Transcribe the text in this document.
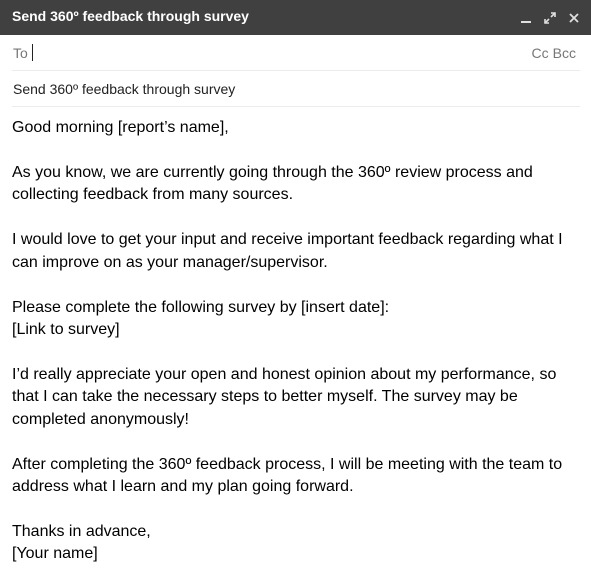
Send 360º feedback through survey
To	Cc Bcc
Send 360º feedback through survey

Good morning [report’s name],

As you know, we are currently going through the 360º review process and
collecting feedback from many sources.

I would love to get your input and receive important feedback regarding what I
can improve on as your manager/supervisor.

Please complete the following survey by [insert date]:
[Link to survey]

I’d really appreciate your open and honest opinion about my performance, so
that I can take the necessary steps to better myself. The survey may be
completed anonymously!

After completing the 360º feedback process, I will be meeting with the team to
address what I learn and my plan going forward.

Thanks in advance,
[Your name]
